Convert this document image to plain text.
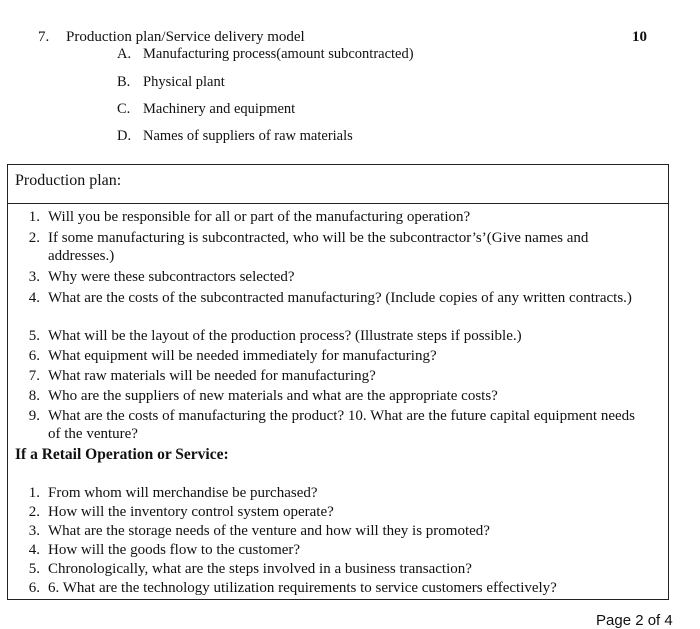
7. Production plan/Service delivery model	10
A. Manufacturing process(amount subcontracted)
B. Physical plant
C. Machinery and equipment
D. Names of suppliers of raw materials
Production plan:
1. Will you be responsible for all or part of the manufacturing operation?
2. If some manufacturing is subcontracted, who will be the subcontractor’s’(Give names and addresses.)
3. Why were these subcontractors selected?
4. What are the costs of the subcontracted manufacturing? (Include copies of any written contracts.)
5. What will be the layout of the production process? (Illustrate steps if possible.)
6. What equipment will be needed immediately for manufacturing?
7. What raw materials will be needed for manufacturing?
8. Who are the suppliers of new materials and what are the appropriate costs?
9. What are the costs of manufacturing the product? 10. What are the future capital equipment needs of the venture?
If a Retail Operation or Service:
1. From whom will merchandise be purchased?
2. How will the inventory control system operate?
3. What are the storage needs of the venture and how will they is promoted?
4. How will the goods flow to the customer?
5. Chronologically, what are the steps involved in a business transaction?
6. 6. What are the technology utilization requirements to service customers effectively?
Page 2 of 4
